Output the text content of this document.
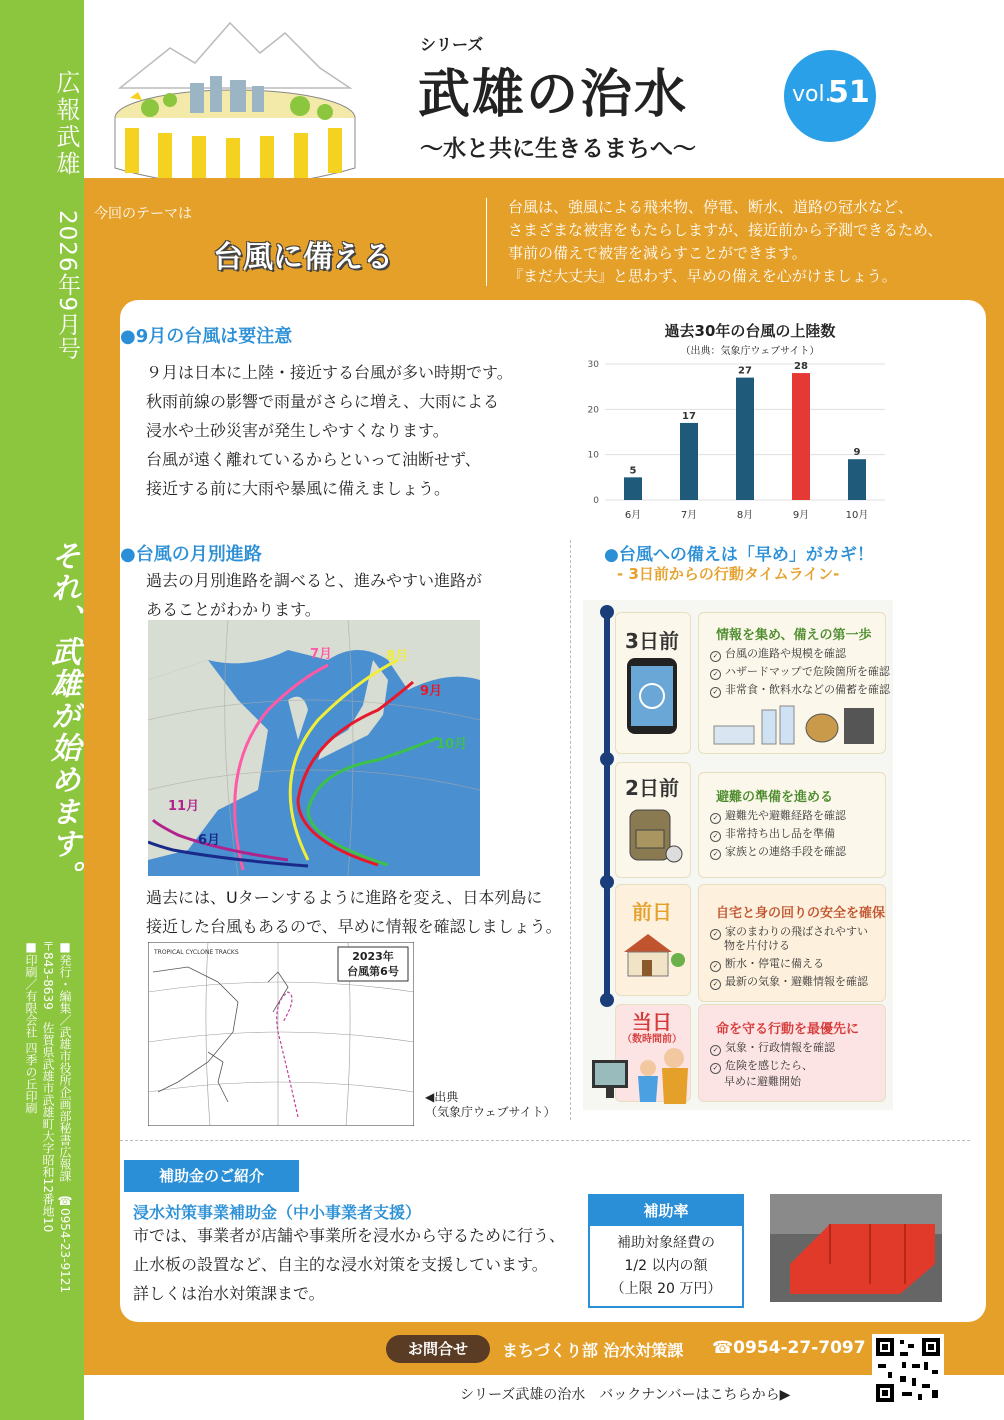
広報武雄
2026年9月号
それ、武雄が始めます。
■発行・編集／武雄市役所企画部秘書広報課　☎0954-23-9121
〒843-8639　佐賀県武雄市武雄町大字昭和12番地10
■印刷／有限会社 四季の丘印刷
シリーズ
武雄の治水
〜水と共に生きるまちへ〜
vol.
51
今回のテーマは
台風に備える
台風は、強風による飛来物、停電、断水、道路の冠水など、
さまざまな被害をもたらしますが、接近前から予測できるため、
事前の備えで被害を減らすことができます。
『まだ大丈夫』と思わず、早めの備えを心がけましょう。
●9月の台風は要注意
９月は日本に上陸・接近する台風が多い時期です。
秋雨前線の影響で雨量がさらに増え、大雨による
浸水や土砂災害が発生しやすくなります。
台風が遠く離れているからといって油断せず、
接近する前に大雨や暴風に備えましょう。
過去30年の台風の上陸数
（出典：気象庁ウェブサイト）
0
10
20
30
5
6月
17
7月
27
8月
28
9月
9
10月
●台風の月別進路
過去の月別進路を調べると、進みやすい進路が
あることがわかります。
7月	8月
9月
10月
11月
6月
過去には、Uターンするように進路を変え、日本列島に
接近した台風もあるので、早めに情報を確認しましょう。
TROPICAL CYCLONE TRACKS	2023年
台風第6号
◀出典
（気象庁ウェブサイト）
●台風への備えは「早め」がカギ！
- 3日前からの行動タイムライン-
3日前	情報を集め、備えの第一歩
✓ 台風の進路や規模を確認
✓ ハザードマップで危険箇所を確認
✓ 非常食・飲料水などの備蓄を確認
2日前	避難の準備を進める
✓ 避難先や避難経路を確認
✓ 非常持ち出し品を準備
✓ 家族との連絡手段を確認
前日	自宅と身の回りの安全を確保
✓ 家のまわりの飛ばされやすい
物を片付ける
✓ 断水・停電に備える
✓ 最新の気象・避難情報を確認
当日
（数時間前）
命を守る行動を最優先に
✓ 気象・行政情報を確認
✓ 危険を感じたら、
早めに避難開始
補助金のご紹介
浸水対策事業補助金（中小事業者支援）
市では、事業者が店舗や事業所を浸水から守るために行う、
止水板の設置など、自主的な浸水対策を支援しています。
詳しくは治水対策課まで。
補助率
補助対象経費の
1/2 以内の額
（上限 20 万円）
お問合せ	まちづくり部 治水対策課 ☎0954-27-7097
シリーズ武雄の治水　バックナンバーはこちらから▶
